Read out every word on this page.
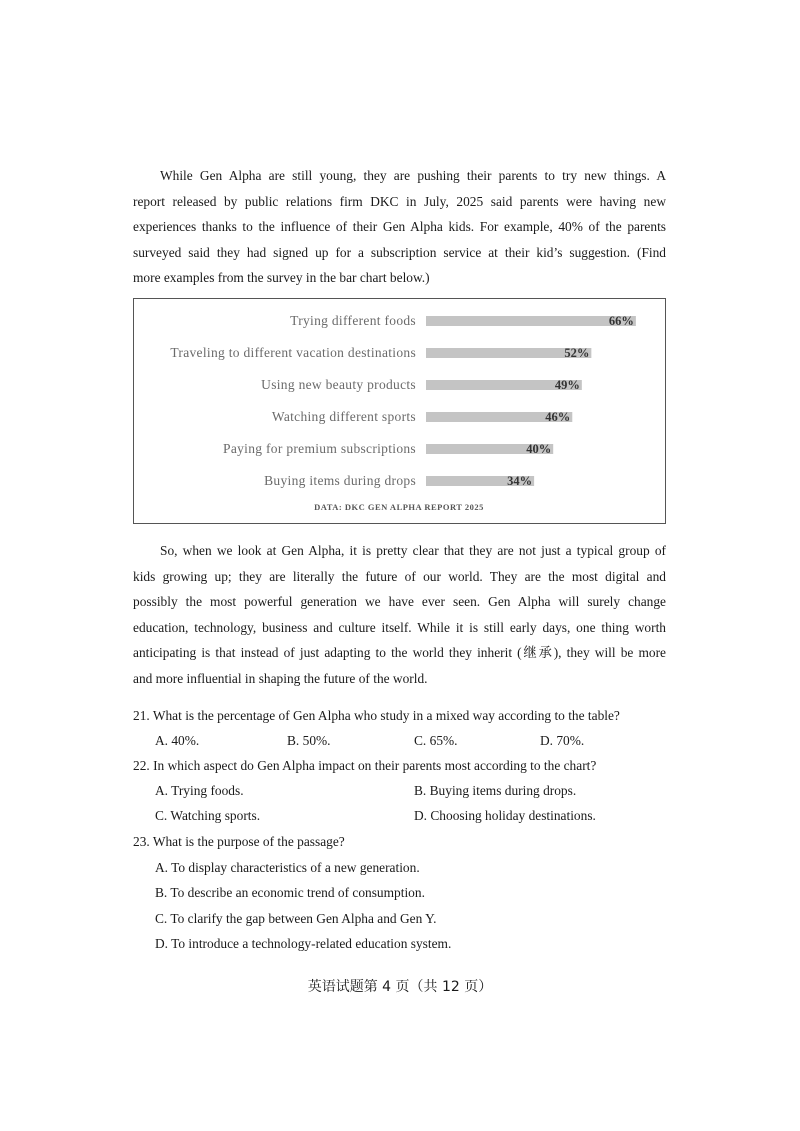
While Gen Alpha are still young, they are pushing their parents to try new things. A
report released by public relations firm DKC in July, 2025 said parents were having new
experiences thanks to the influence of their Gen Alpha kids. For example, 40% of the parents
surveyed said they had signed up for a subscription service at their kid’s suggestion. (Find
more examples from the survey in the bar chart below.)
Trying different foods	66%
Traveling to different vacation destinations	52%
Using new beauty products	49%
Watching different sports	46%
Paying for premium subscriptions	40%
Buying items during drops	34%
DATA: DKC GEN ALPHA REPORT 2025
So, when we look at Gen Alpha, it is pretty clear that they are not just a typical group of
kids growing up; they are literally the future of our world. They are the most digital and
possibly the most powerful generation we have ever seen. Gen Alpha will surely change
education, technology, business and culture itself. While it is still early days, one thing worth
anticipating is that instead of just adapting to the world they inherit (继承), they will be more
and more influential in shaping the future of the world.

21. What is the percentage of Gen Alpha who study in a mixed way according to the table?

A. 40%.	B. 50%.	C. 65%.	D. 70%.

22. In which aspect do Gen Alpha impact on their parents most according to the chart?

A. Trying foods.	B. Buying items during drops.
C. Watching sports.	D. Choosing holiday destinations.

23. What is the purpose of the passage?

A. To display characteristics of a new generation.
B. To describe an economic trend of consumption.
C. To clarify the gap between Gen Alpha and Gen Y.
D. To introduce a technology-related education system.
英语试题第 4 页（共 12 页）
